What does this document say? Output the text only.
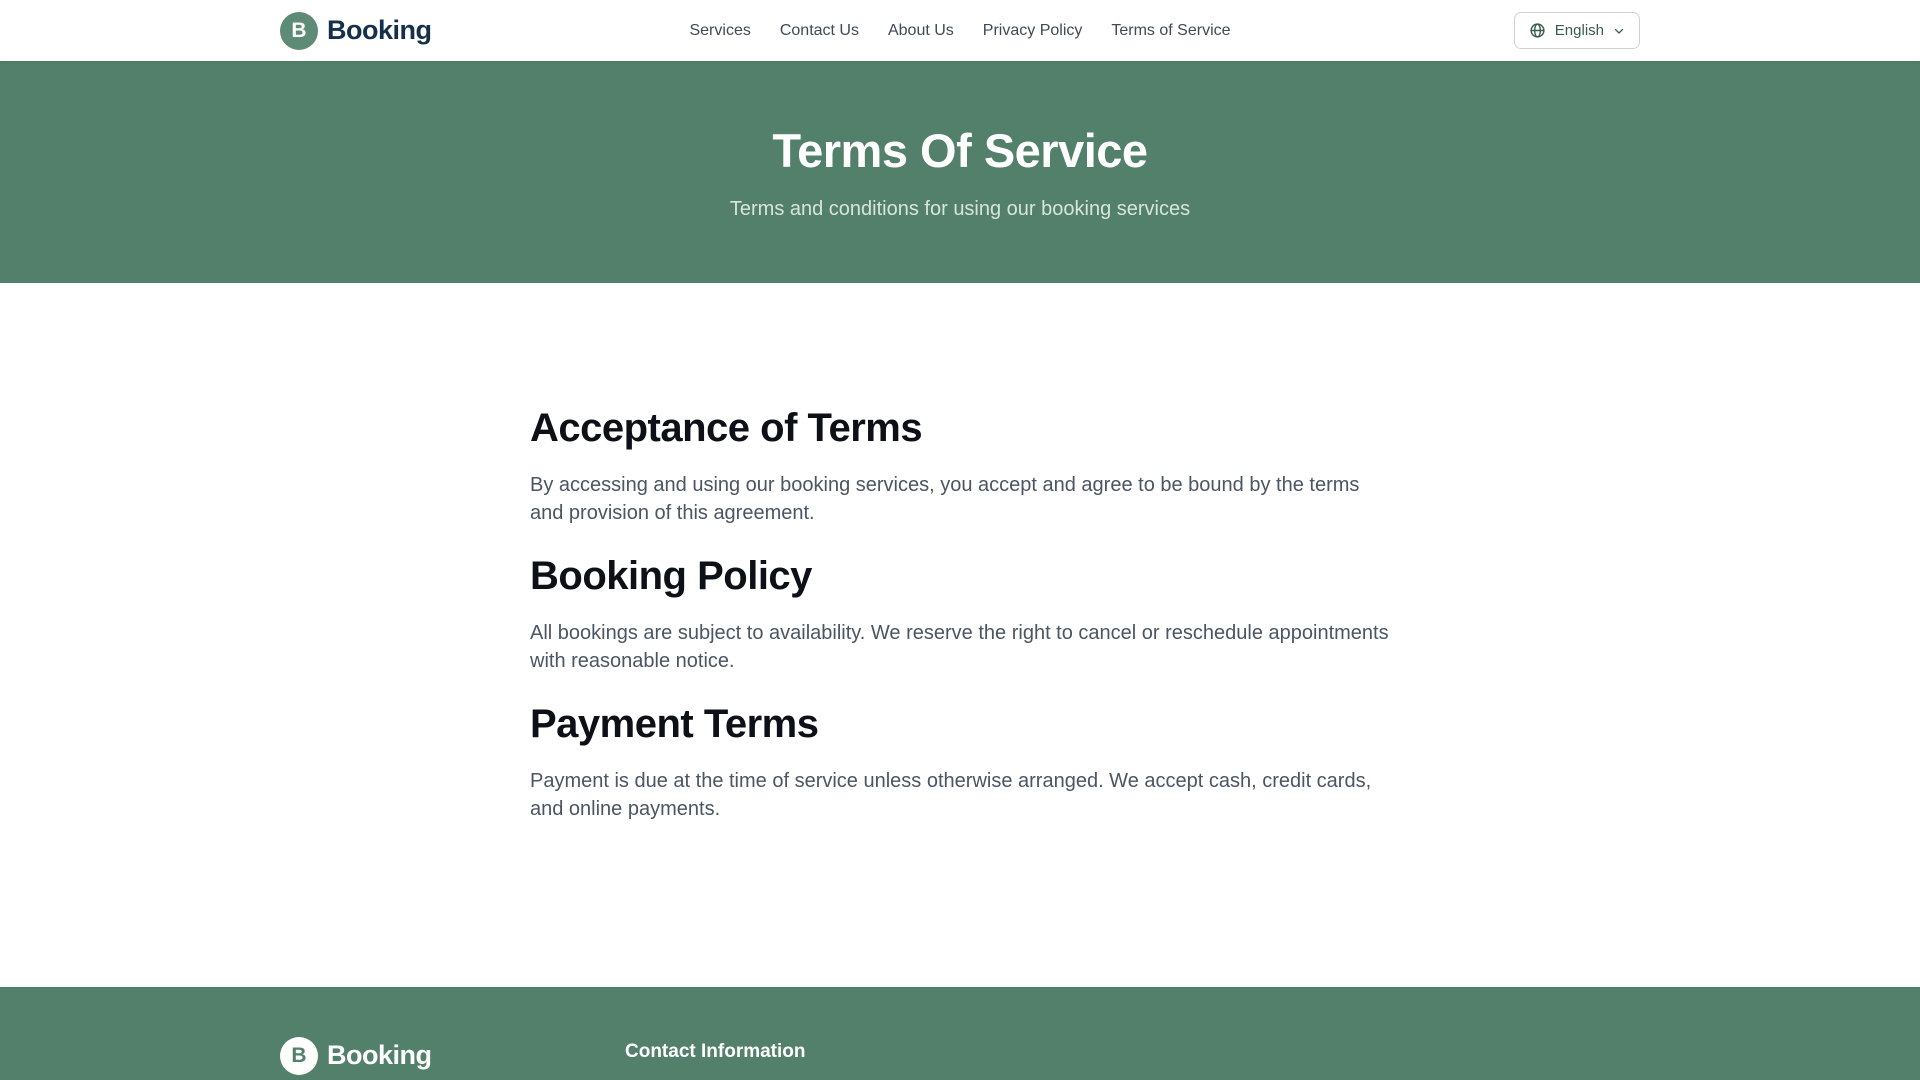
B Booking	Services Contact Us About Us Privacy Policy Terms of Service	English
Terms Of Service

Terms and conditions for using our booking services

Acceptance of Terms

By accessing and using our booking services, you accept and agree to be bound by the terms and provision of this agreement.

Booking Policy

All bookings are subject to availability. We reserve the right to cancel or reschedule appointments with reasonable notice.

Payment Terms

Payment is due at the time of service unless otherwise arranged. We accept cash, credit cards, and online payments.

B Booking	Contact Information
